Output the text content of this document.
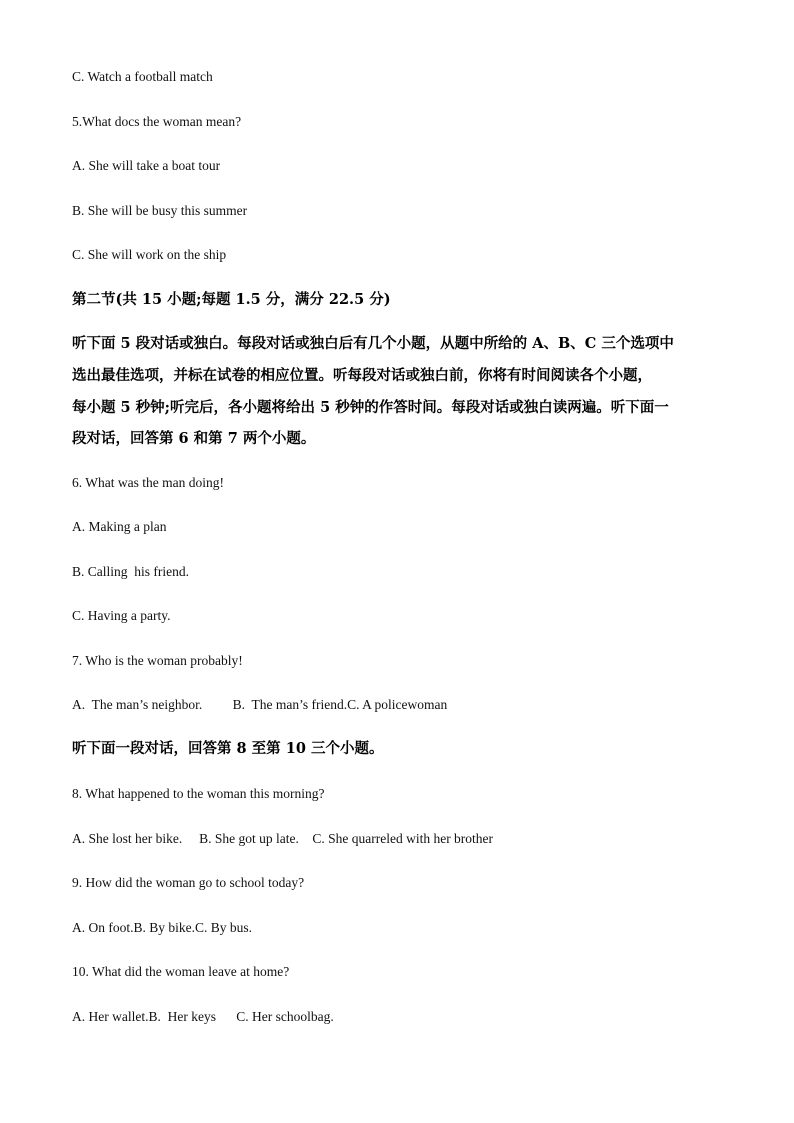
C. Watch a football match

5.What docs the woman mean?

A. She will take a boat tour

B. She will be busy this summer

C. She will work on the ship

第二节(共 15 小题;每题 1.5 分，满分 22.5 分)

听下面 5 段对话或独白。每段对话或独白后有几个小题，从题中所给的 A、B、C 三个选项中

选出最佳选项，并标在试卷的相应位置。听每段对话或独白前，你将有时间阅读各个小题，

每小题 5 秒钟;听完后，各小题将给出 5 秒钟的作答时间。每段对话或独白读两遍。听下面一

段对话，回答第 6 和第 7 两个小题。

6. What was the man doing!

A. Making a plan

B. Calling  his friend.

C. Having a party.

7. Who is the woman probably!

A.  The man’s neighbor.         B.  The man’s friend.C. A policewoman

听下面一段对话，回答第 8 至第 10 三个小题。

8. What happened to the woman this morning?

A. She lost her bike.     B. She got up late.    C. She quarreled with her brother

9. How did the woman go to school today?

A. On foot.B. By bike.C. By bus.

10. What did the woman leave at home?

A. Her wallet.B.  Her keys      C. Her schoolbag.
